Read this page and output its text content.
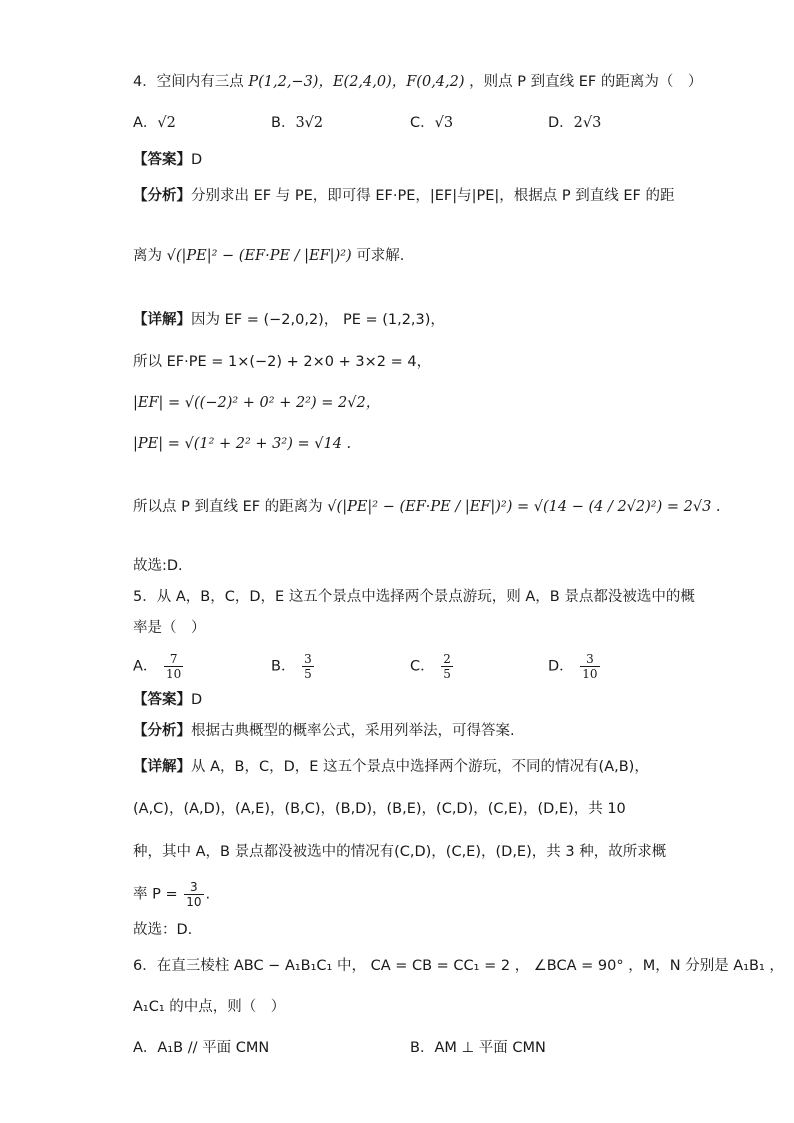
4．空间内有三点 P(1,2,−3)，E(2,4,0)，F(0,4,2) ，则点 P 到直线 EF 的距离为（　）
A．√2	B．3√2	C．√3	D．2√3
【答案】D
【分析】分别求出 EF 与 PE，即可得 EF·PE，|EF|与|PE|，根据点 P 到直线 EF 的距
离为 √(|PE|² − (EF·PE / |EF|)²) 可求解.
【详解】因为 EF = (−2,0,2)， PE = (1,2,3)，
所以 EF·PE = 1×(−2) + 2×0 + 3×2 = 4，
|EF| = √((−2)² + 0² + 2²) = 2√2，
|PE| = √(1² + 2² + 3²) = √14 .
所以点 P 到直线 EF 的距离为 √(|PE|² − (EF·PE / |EF|)²) = √(14 − (4 / 2√2)²) = 2√3 .
故选:D.
5．从 A，B，C，D，E 这五个景点中选择两个景点游玩，则 A，B 景点都没被选中的概
率是（　）
A． $\frac{7}{10}$	B． $\frac{3}{5}$	C． $\frac{2}{5}$	D． $\frac{3}{10}$
【答案】D
【分析】根据古典概型的概率公式，采用列举法，可得答案.
【详解】从 A，B，C，D，E 这五个景点中选择两个游玩，不同的情况有(A,B)，
(A,C)，(A,D)，(A,E)，(B,C)，(B,D)，(B,E)，(C,D)，(C,E)，(D,E)，共 10
种，其中 A，B 景点都没被选中的情况有(C,D)，(C,E)，(D,E)，共 3 种，故所求概
率 $P = \frac{3}{10}$ .
故选：D.
6．在直三棱柱 ABC − A₁B₁C₁ 中， CA = CB = CC₁ = 2 ， ∠BCA = 90° ，M，N 分别是 A₁B₁ ，
A₁C₁ 的中点，则（　）
A．A₁B // 平面 CMN	B．AM ⊥ 平面 CMN
